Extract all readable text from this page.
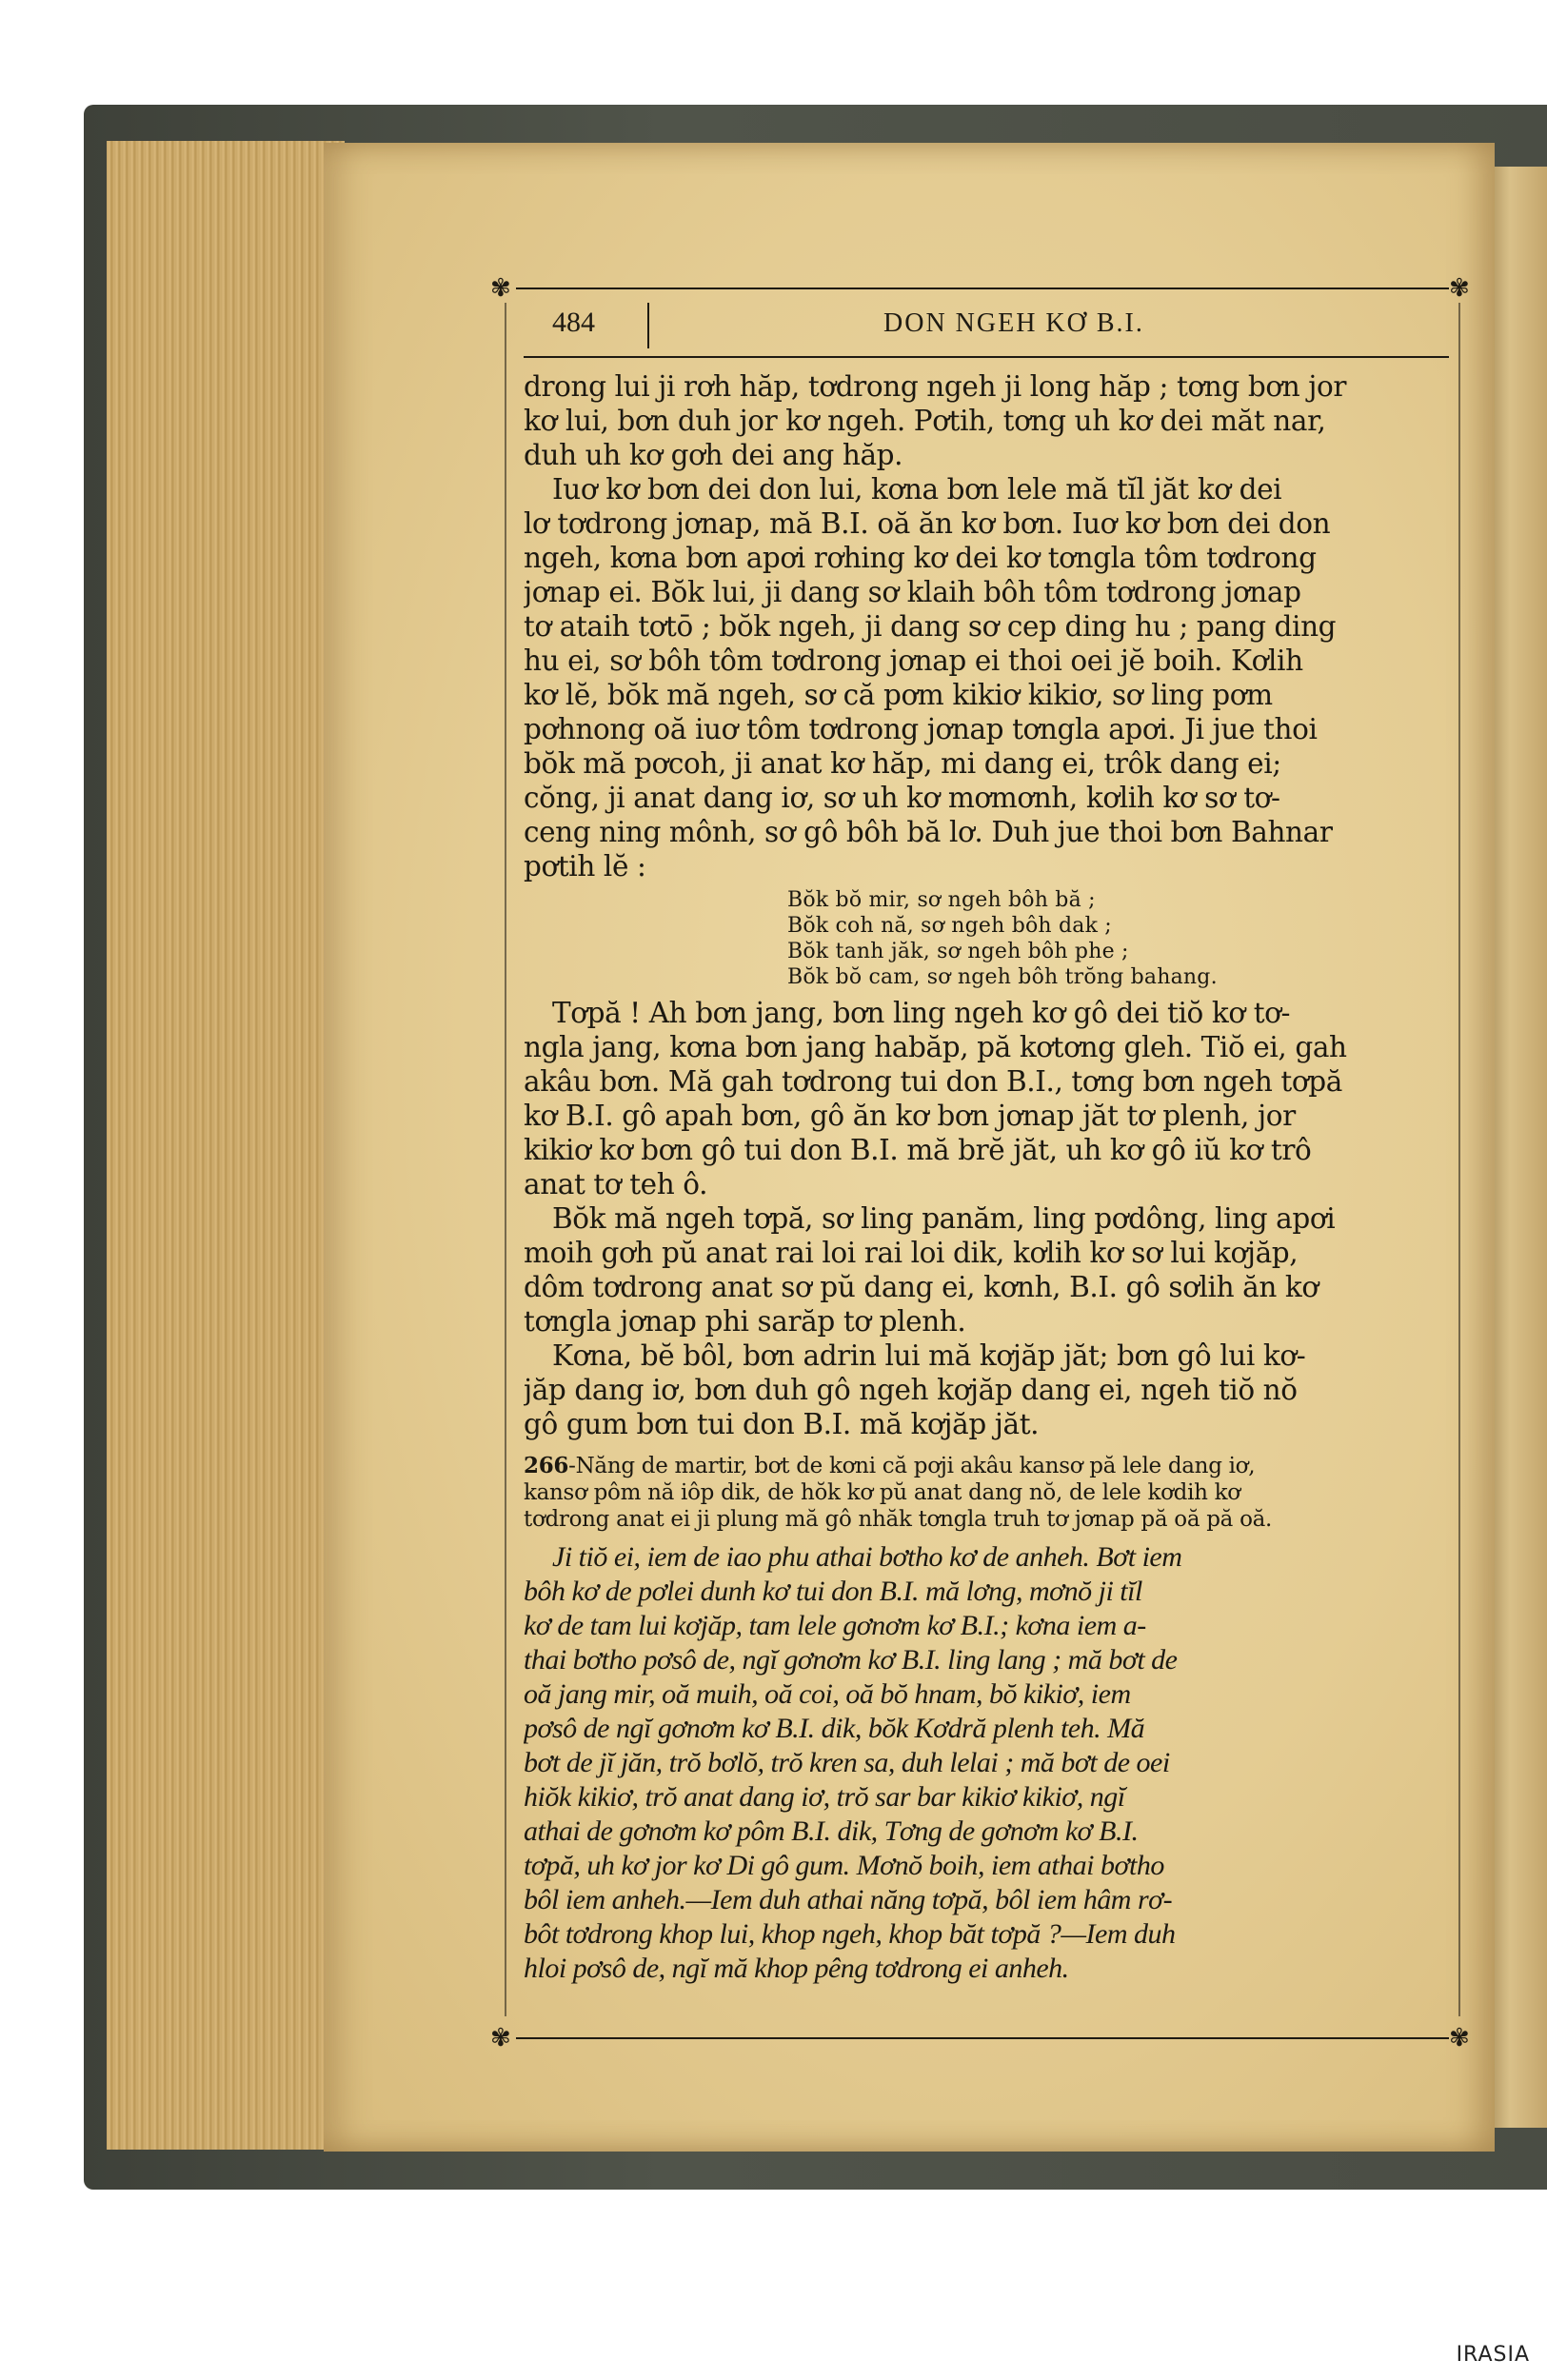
✾	✾
484	DON NGEH KƠ B.I.
drong lui ji rơh hăp, tơdrong ngeh ji long hăp ; tơng bơn jor
kơ lui, bơn duh jor kơ ngeh. Pơtih, tơng uh kơ dei măt nar,
duh uh kơ gơh dei ang hăp.
Iuơ kơ bơn dei don lui, kơna bơn lele mă tĭl jăt kơ dei
lơ tơdrong jơnap, mă B.I. oă ăn kơ bơn. Iuơ kơ bơn dei don
ngeh, kơna bơn apơi rơhing kơ dei kơ tơngla tôm tơdrong
jơnap ei. Bŏk lui, ji dang sơ klaih bôh tôm tơdrong jơnap
tơ ataih tơtō ; bŏk ngeh, ji dang sơ cep ding hu ; pang ding
hu ei, sơ bôh tôm tơdrong jơnap ei thoi oei jĕ boih. Kơlih
kơ lĕ, bŏk mă ngeh, sơ că pơm kikiơ kikiơ, sơ ling pơm
pơhnong oă iuơ tôm tơdrong jơnap tơngla apơi. Ji jue thoi
bŏk mă pơcoh, ji anat kơ hăp, mi dang ei, trôk dang ei;
cŏng, ji anat dang iơ, sơ uh kơ mơmơnh, kơlih kơ sơ tơ-
ceng ning mônh, sơ gô bôh bă lơ. Duh jue thoi bơn Bahnar
pơtih lĕ :
Bŏk bŏ mir, sơ ngeh bôh bă ;
Bŏk coh nă, sơ ngeh bôh dak ;
Bŏk tanh jăk, sơ ngeh bôh phe ;
Bŏk bŏ cam, sơ ngeh bôh trŏng bahang.
Tơpă ! Ah bơn jang, bơn ling ngeh kơ gô dei tiŏ kơ tơ-
ngla jang, kơna bơn jang habăp, pă kơtơng gleh. Tiŏ ei, gah
akâu bơn. Mă gah tơdrong tui don B.I., tơng bơn ngeh tơpă
kơ B.I. gô apah bơn, gô ăn kơ bơn jơnap jăt tơ plenh, jor
kikiơ kơ bơn gô tui don B.I. mă brĕ jăt, uh kơ gô iŭ kơ trô
anat tơ teh ô.
Bŏk mă ngeh tơpă, sơ ling panăm, ling pơdông, ling apơi
moih gơh pŭ anat rai loi rai loi dik, kơlih kơ sơ lui kơjăp,
dôm tơdrong anat sơ pŭ dang ei, kơnh, B.I. gô sơlih ăn kơ
tơngla jơnap phi sarăp tơ plenh.
Kơna, bĕ bôl, bơn adrin lui mă kơjăp jăt; bơn gô lui kơ-
jăp dang iơ, bơn duh gô ngeh kơjăp dang ei, ngeh tiŏ nŏ
gô gum bơn tui don B.I. mă kơjăp jăt.
266-Năng de martir, bơt de kơni că pơji akâu kansơ pă lele dang iơ,
kansơ pôm nă iôp dik, de hŏk kơ pŭ anat dang nŏ, de lele kơdih kơ
tơdrong anat ei ji plung mă gô nhăk tơngla truh tơ jơnap pă oă pă oă.
Ji tiŏ ei, iem de iao phu athai bơtho kơ de anheh. Bơt iem
bôh kơ de pơlei dunh kơ tui don B.I. mă lơng, mơnŏ ji tĭl
kơ de tam lui kơjăp, tam lele gơnơm kơ B.I.; kơna iem a-
thai bơtho pơsô de, ngĭ gơnơm kơ B.I. ling lang ; mă bơt de
oă jang mir, oă muih, oă coi, oă bŏ hnam, bŏ kikiơ, iem
pơsô de ngĭ gơnơm kơ B.I. dik, bŏk Kơdră plenh teh. Mă
bơt de jĭ jăn, trŏ bơlŏ, trŏ kren sa, duh lelai ; mă bơt de oei
hiŏk kikiơ, trŏ anat dang iơ, trŏ sar bar kikiơ kikiơ, ngĭ
athai de gơnơm kơ pôm B.I. dik, Tơng de gơnơm kơ B.I.
tơpă, uh kơ jor kơ Di gô gum. Mơnŏ boih, iem athai bơtho
bôl iem anheh.—Iem duh athai năng tơpă, bôl iem hâm rơ-
bôt tơdrong khop lui, khop ngeh, khop băt tơpă ?—Iem duh
hloi pơsô de, ngĭ mă khop pêng tơdrong ei anheh.
✾	✾
IRASIA
